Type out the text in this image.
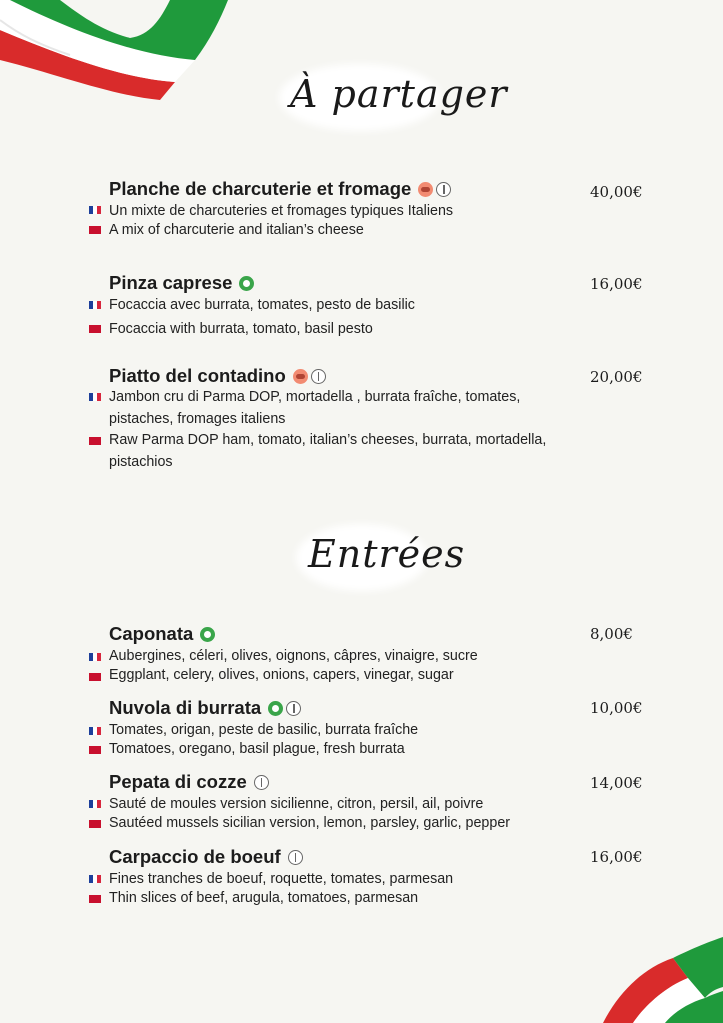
À partager
Entrées
Planche de charcuterie et fromage	40,00€
Un mixte de charcuteries et fromages typiques Italiens
A mix of charcuterie and italian’s cheese
Pinza caprese	16,00€
Focaccia avec burrata, tomates, pesto de basilic
Focaccia with burrata, tomato, basil pesto
Piatto del contadino	20,00€
Jambon cru di Parma DOP, mortadella , burrata fraîche, tomates,
pistaches, fromages italiens
Raw Parma DOP ham, tomato, italian’s cheeses, burrata, mortadella,
pistachios
Caponata	8,00€
Aubergines, céleri, olives, oignons, câpres, vinaigre, sucre
Eggplant, celery, olives, onions, capers, vinegar, sugar
Nuvola di burrata	10,00€
Tomates, origan, peste de basilic, burrata fraîche
Tomatoes, oregano, basil plague, fresh burrata
Pepata di cozze	14,00€
Sauté de moules version sicilienne, citron, persil, ail, poivre
Sautéed mussels sicilian version, lemon, parsley, garlic, pepper
Carpaccio de boeuf	16,00€
Fines tranches de boeuf, roquette, tomates, parmesan
Thin slices of beef, arugula, tomatoes, parmesan
